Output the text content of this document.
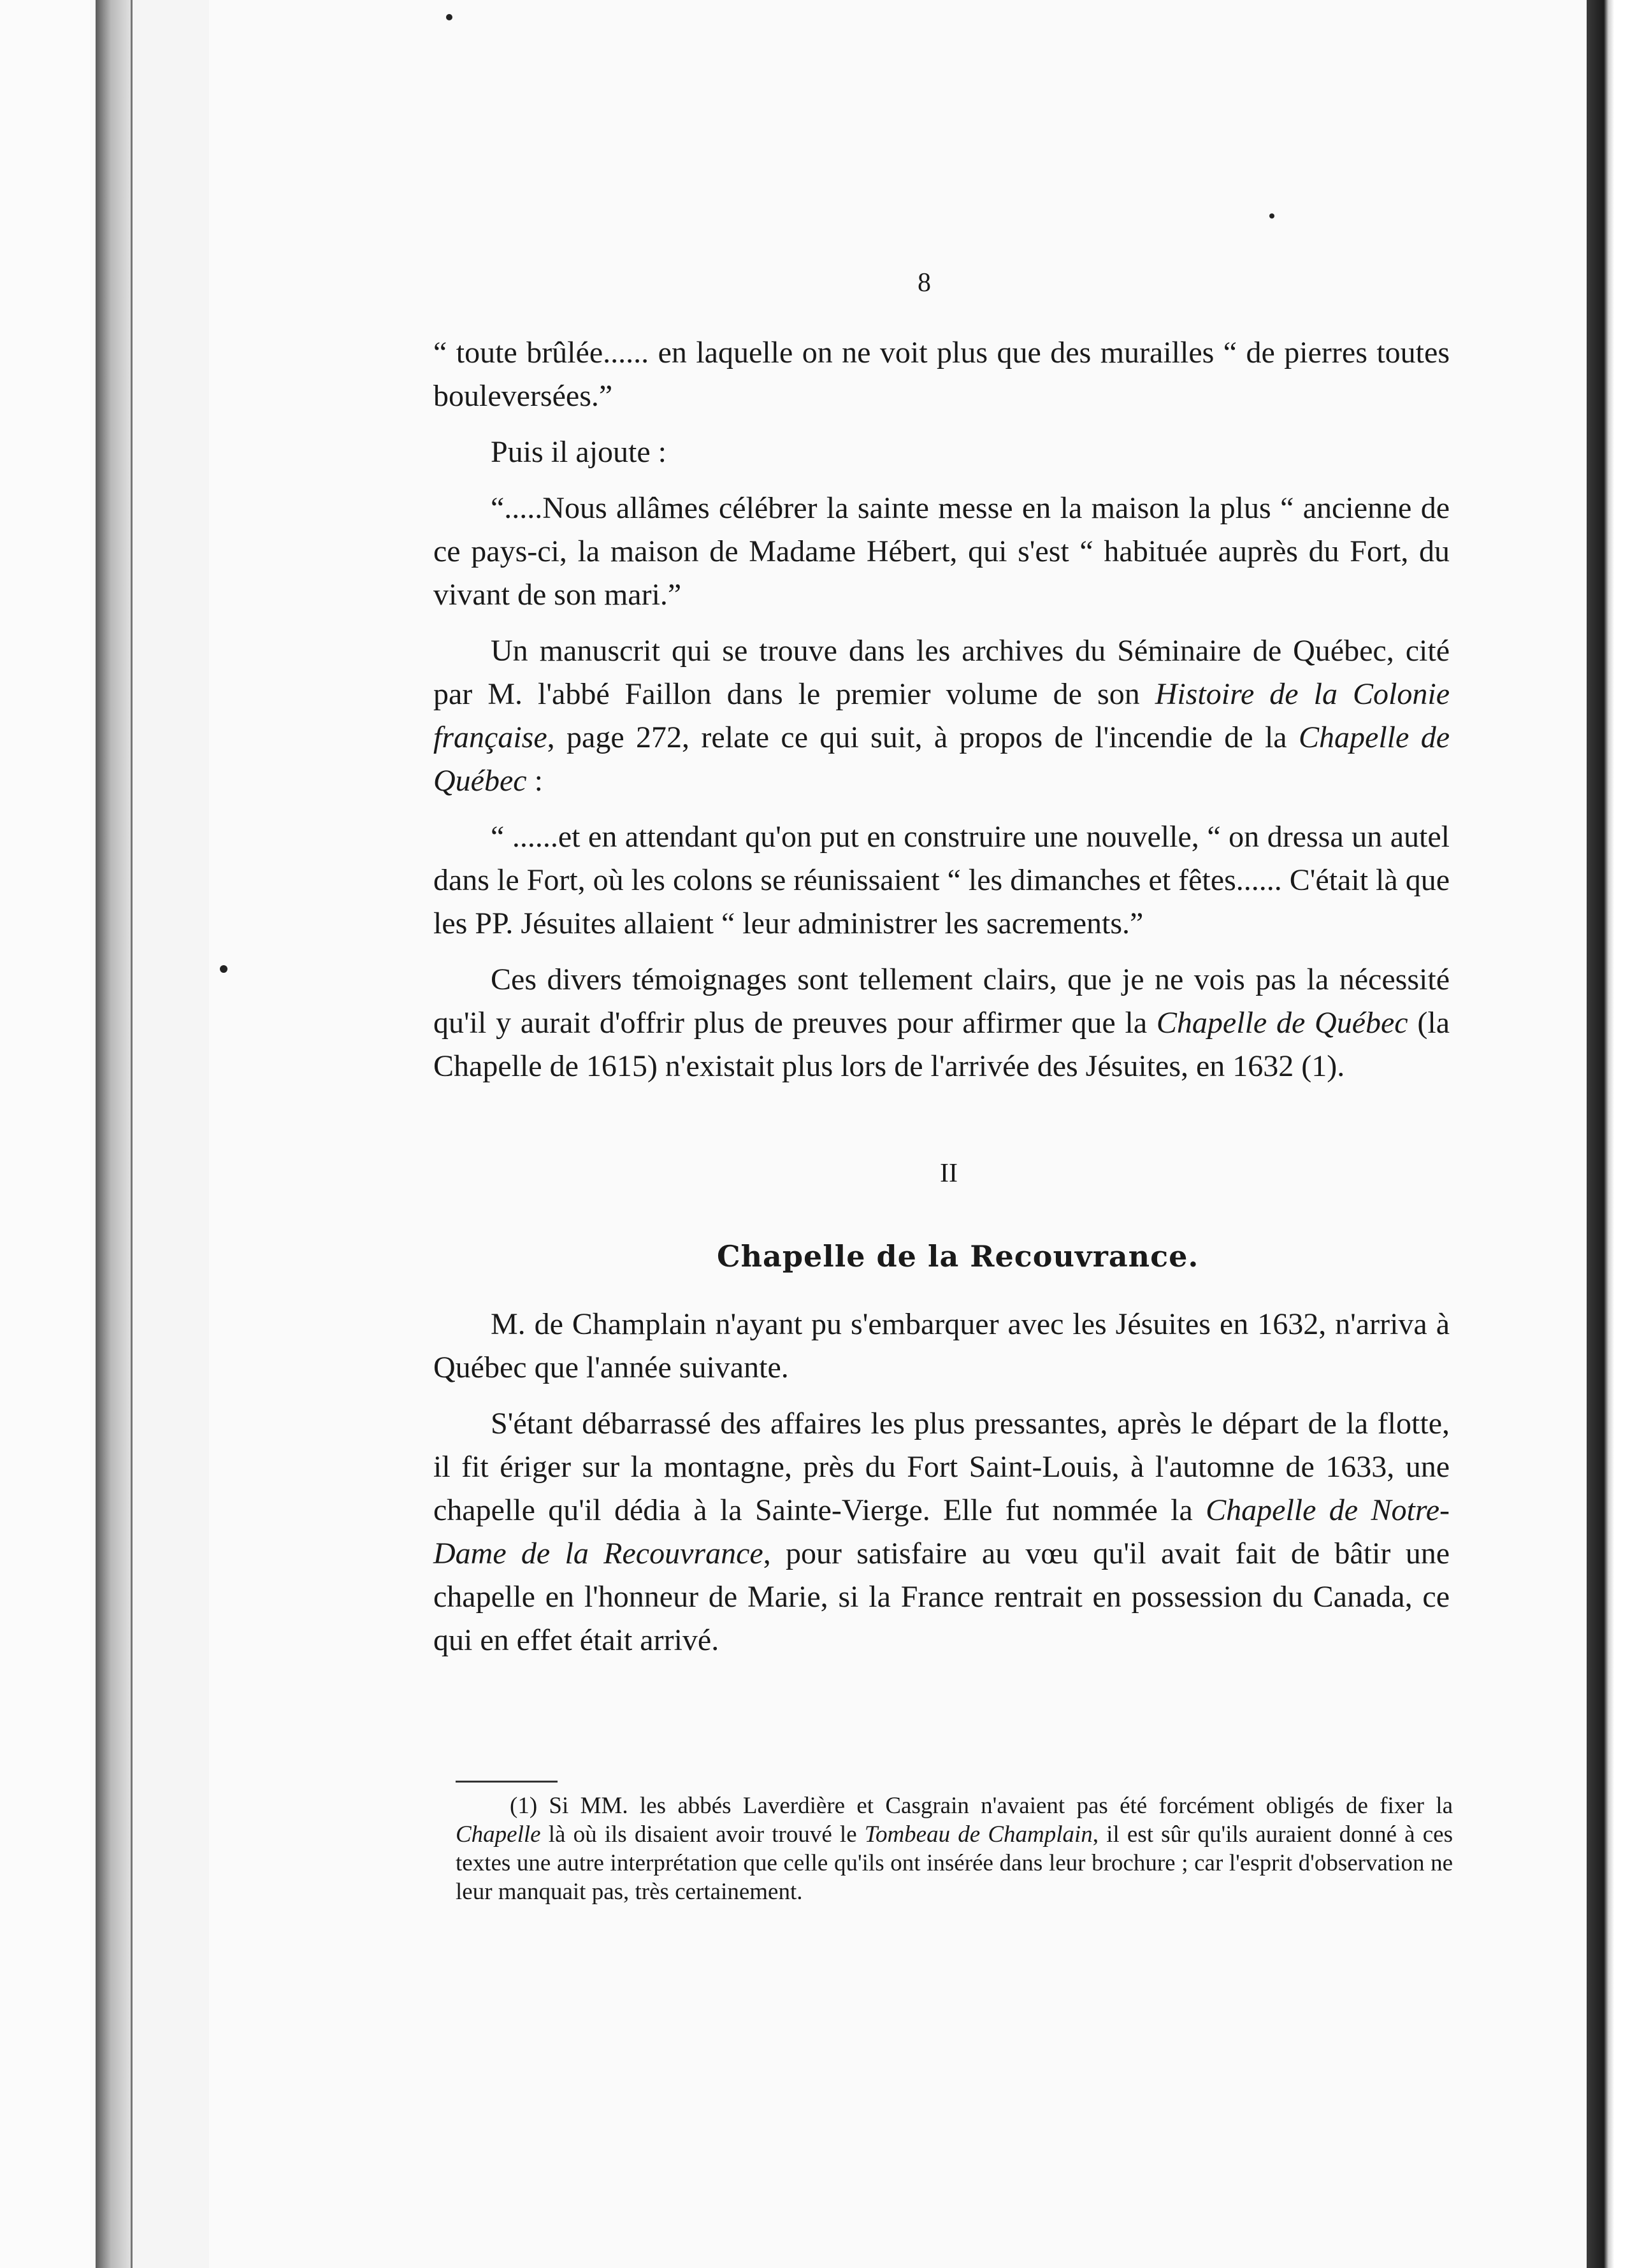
8

“ toute brûlée...... en laquelle on ne voit plus que des murailles “ de pierres toutes bouleversées.”

Puis il ajoute :

“.....Nous allâmes célébrer la sainte messe en la maison la plus “ ancienne de ce pays-ci, la maison de Madame Hébert, qui s'est “ habituée auprès du Fort, du vivant de son mari.”

Un manuscrit qui se trouve dans les archives du Séminaire de Québec, cité par M. l'abbé Faillon dans le premier volume de son Histoire de la Colonie française, page 272, relate ce qui suit, à propos de l'incendie de la Chapelle de Québec :

“ ......et en attendant qu'on put en construire une nouvelle, “ on dressa un autel dans le Fort, où les colons se réunissaient “ les dimanches et fêtes...... C'était là que les PP. Jésuites allaient “ leur administrer les sacrements.”

Ces divers témoignages sont tellement clairs, que je ne vois pas la nécessité qu'il y aurait d'offrir plus de preuves pour affirmer que la Chapelle de Québec (la Chapelle de 1615) n'existait plus lors de l'arrivée des Jésuites, en 1632 (1).

II
Chapelle de la Recouvrance.

M. de Champlain n'ayant pu s'embarquer avec les Jésuites en 1632, n'arriva à Québec que l'année suivante.

S'étant débarrassé des affaires les plus pressantes, après le départ de la flotte, il fit ériger sur la montagne, près du Fort Saint-Louis, à l'automne de 1633, une chapelle qu'il dédia à la Sainte-Vierge. Elle fut nommée la Chapelle de Notre-Dame de la Recouvrance, pour satisfaire au vœu qu'il avait fait de bâtir une chapelle en l'honneur de Marie, si la France rentrait en possession du Canada, ce qui en effet était arrivé.

(1) Si MM. les abbés Laverdière et Casgrain n'avaient pas été forcément obligés de fixer la Chapelle là où ils disaient avoir trouvé le Tombeau de Champlain, il est sûr qu'ils auraient donné à ces textes une autre interprétation que celle qu'ils ont insérée dans leur brochure ; car l'esprit d'observation ne leur manquait pas, très certainement.
